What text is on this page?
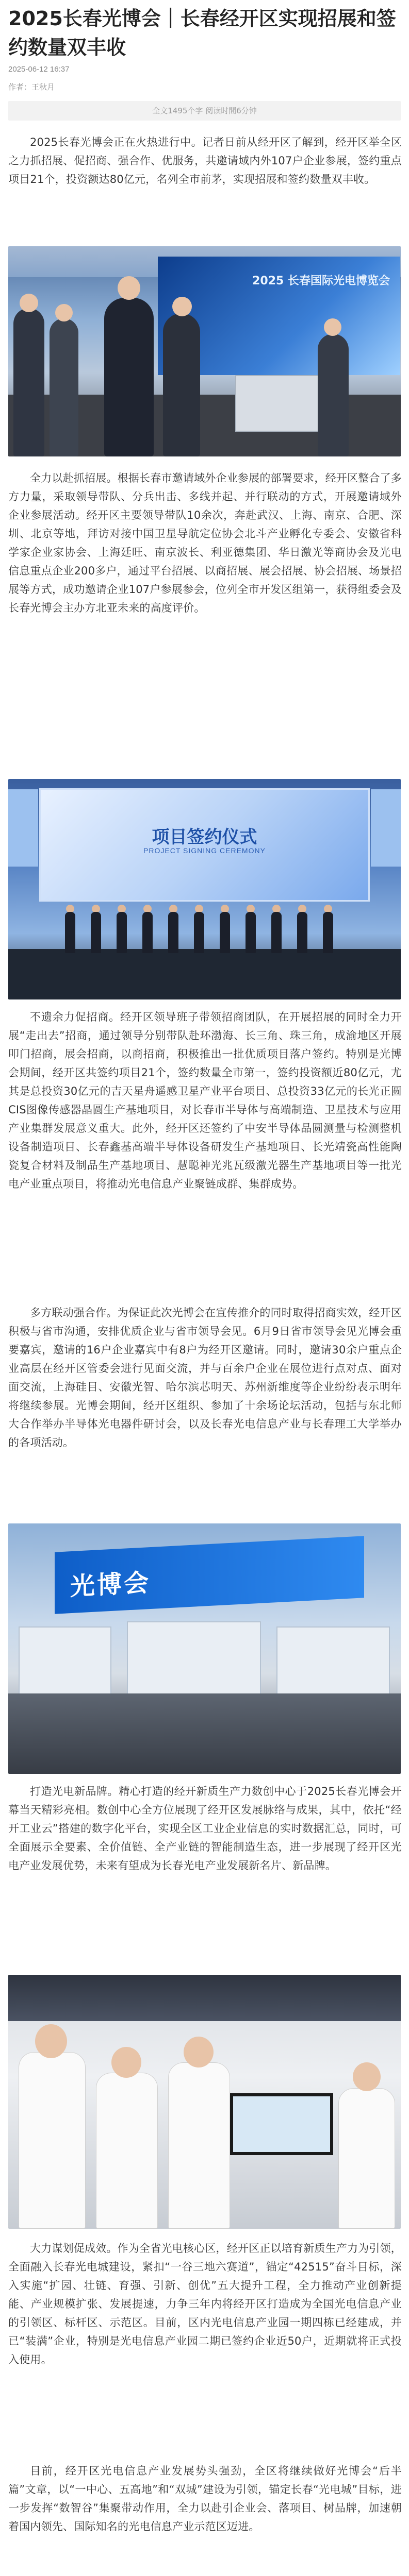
2025长春光博会｜长春经开区实现招展和签约数量双丰收
2025-06-12 16:37
作者：王秋月
全文1495个字 阅读时間6分钟

2025长春光博会正在火热进行中。记者日前从经开区了解到，经开区举全区之力抓招展、促招商、强合作、优服务，共邀请域内外107户企业参展，签约重点项目21个，投资额达80亿元，名列全市前茅，实现招展和签约数量双丰收。

2025 长春国际光电博览会

全力以赴抓招展。根据长春市邀请域外企业参展的部署要求，经开区整合了多方力量，采取领导带队、分兵出击、多线并起、并行联动的方式，开展邀请域外企业参展活动。经开区主要领导带队10余次，奔赴武汉、上海、南京、合肥、深圳、北京等地，拜访对接中国卫星导航定位协会北斗产业孵化专委会、安徽省科学家企业家协会、上海廷旺、南京波长、利亚德集团、华日激光等商协会及光电信息重点企业200多户，通过平台招展、以商招展、展会招展、协会招展、场景招展等方式，成功邀请企业107户参展参会，位列全市开发区组第一，获得组委会及长春光博会主办方北亚未来的高度评价。

项目签约仪式
PROJECT SIGNING CEREMONY

不遗余力促招商。经开区领导班子带领招商团队，在开展招展的同时全力开展“走出去”招商，通过领导分别带队赴环渤海、长三角、珠三角，成渝地区开展叩门招商，展会招商，以商招商，积极推出一批优质项目落户签约。特别是光博会期间，经开区共签约项目21个，签约数量全市第一，签约投资额近80亿元，尤其是总投资30亿元的吉天星舟遥感卫星产业平台项目、总投资33亿元的长光正圆CIS图像传感器晶圆生产基地项目，对长春市半导体与高端制造、卫星技术与应用产业集群发展意义重大。此外，经开区还签约了中安半导体晶圆测量与检测整机设备制造项目、长春鑫基高端半导体设备研发生产基地项目、长光靖瓷高性能陶瓷复合材料及制品生产基地项目、慧聪神光兆瓦级激光器生产基地项目等一批光电产业重点项目，将推动光电信息产业聚链成群、集群成势。

多方联动强合作。为保证此次光博会在宣传推介的同时取得招商实效，经开区积极与省市沟通，安排优质企业与省市领导会见。6月9日省市领导会见光博会重要嘉宾，邀请的16户企业嘉宾中有8户为经开区邀请。同时，邀请30余户重点企业高层在经开区管委会进行见面交流，并与百余户企业在展位进行点对点、面对面交流，上海硅目、安徽光智、哈尔滨芯明天、苏州新维度等企业纷纷表示明年将继续参展。光博会期间，经开区组织、参加了十余场论坛活动，包括与东北师大合作举办半导体光电器件研讨会，以及长春光电信息产业与长春理工大学举办的各项活动。

光博会

打造光电新品牌。精心打造的经开新质生产力数创中心于2025长春光博会开幕当天精彩亮相。数创中心全方位展现了经开区发展脉络与成果，其中，依托“经开工业云”搭建的数字化平台，实现全区工业企业信息的实时数据汇总，同时，可全面展示全要素、全价值链、全产业链的智能制造生态，进一步展现了经开区光电产业发展优势，未来有望成为长春光电产业发展新名片、新品牌。

大力谋划促成效。作为全省光电核心区，经开区正以培育新质生产力为引领，全面融入长春光电城建设，紧扣“一谷三地六赛道”，锚定“42515”奋斗目标，深入实施“扩园、壮链、育强、引新、创优”五大提升工程，全力推动产业创新提能、产业规模扩张、发展提速，力争三年内将经开区打造成为全国光电信息产业的引领区、标杆区、示范区。目前，区内光电信息产业园一期四栋已经建成，并已“装满”企业，特别是光电信息产业园二期已签约企业近50户，近期就将正式投入使用。

目前，经开区光电信息产业发展势头强劲，全区将继续做好光博会“后半篇”文章，以“一中心、五高地”和“双城”建设为引领，锚定长春“光电城”目标，进一步发挥“数智谷”集聚带动作用，全力以赴引企业会、落项目、树品牌，加速朝着国内领先、国际知名的光电信息产业示范区迈进。
